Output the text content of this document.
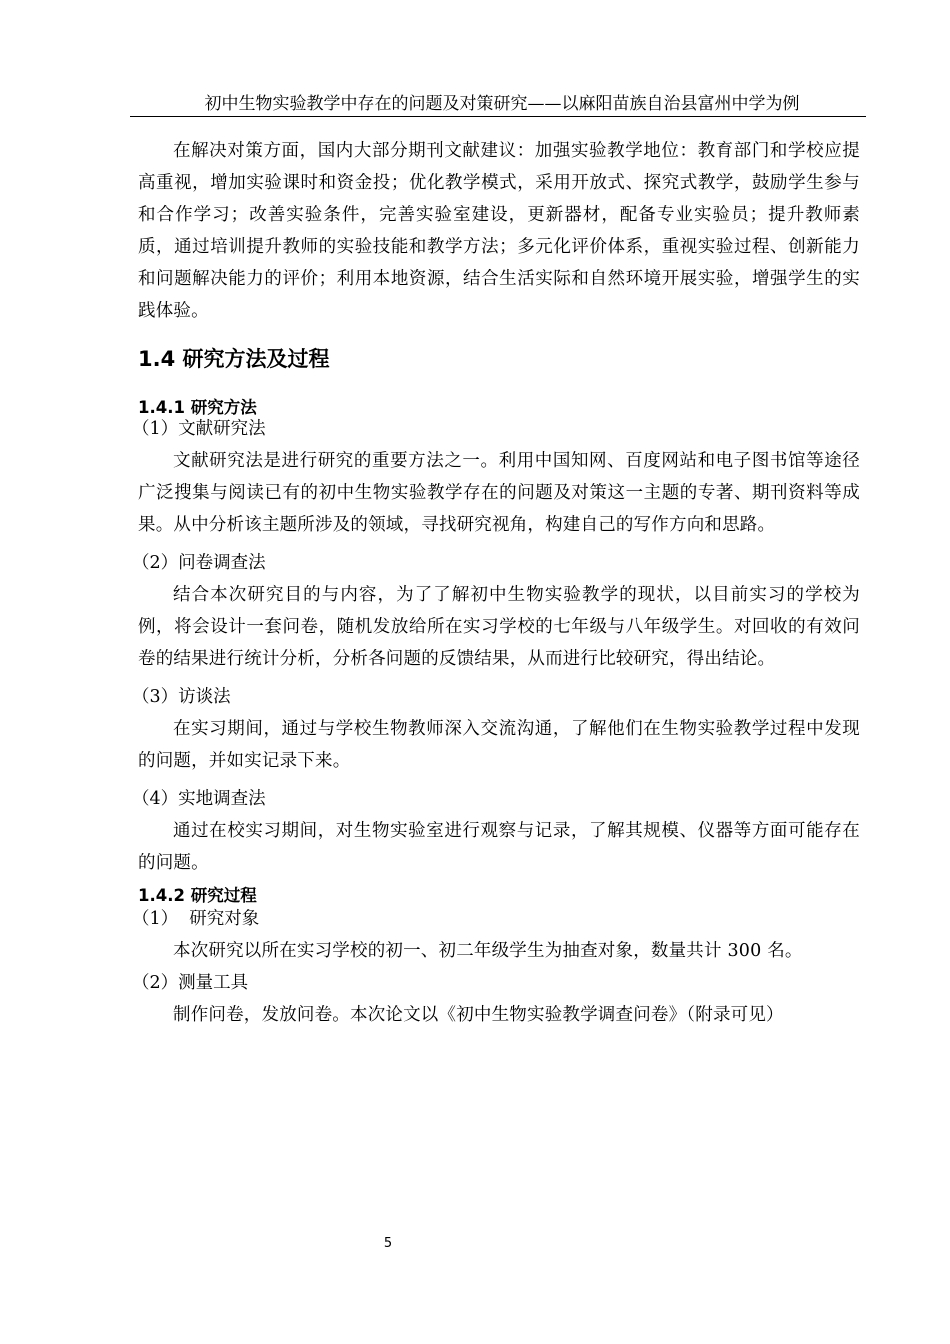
初中生物实验教学中存在的问题及对策研究——以麻阳苗族自治县富州中学为例

在解决对策方面，国内大部分期刊文献建议：加强实验教学地位：教育部门和学校应提高重视，增加实验课时和资金投；优化教学模式，采用开放式、探究式教学，鼓励学生参与和合作学习；改善实验条件，完善实验室建设，更新器材，配备专业实验员；提升教师素质，通过培训提升教师的实验技能和教学方法；多元化评价体系，重视实验过程、创新能力和问题解决能力的评价；利用本地资源，结合生活实际和自然环境开展实验，增强学生的实践体验。

1.4 研究方法及过程

1.4.1 研究方法

（1）文献研究法

文献研究法是进行研究的重要方法之一。利用中国知网、百度网站和电子图书馆等途径广泛搜集与阅读已有的初中生物实验教学存在的问题及对策这一主题的专著、期刊资料等成果。从中分析该主题所涉及的领域，寻找研究视角，构建自己的写作方向和思路。

（2）问卷调查法

结合本次研究目的与内容，为了了解初中生物实验教学的现状，以目前实习的学校为例，将会设计一套问卷，随机发放给所在实习学校的七年级与八年级学生。对回收的有效问卷的结果进行统计分析，分析各问题的反馈结果，从而进行比较研究，得出结论。

（3）访谈法

在实习期间，通过与学校生物教师深入交流沟通，了解他们在生物实验教学过程中发现的问题，并如实记录下来。

（4）实地调查法

通过在校实习期间，对生物实验室进行观察与记录，了解其规模、仪器等方面可能存在的问题。

1.4.2 研究过程

（1）  研究对象

本次研究以所在实习学校的初一、初二年级学生为抽查对象，数量共计 300 名。

（2）测量工具

制作问卷，发放问卷。本次论文以《初中生物实验教学调查问卷》（附录可见）

5
